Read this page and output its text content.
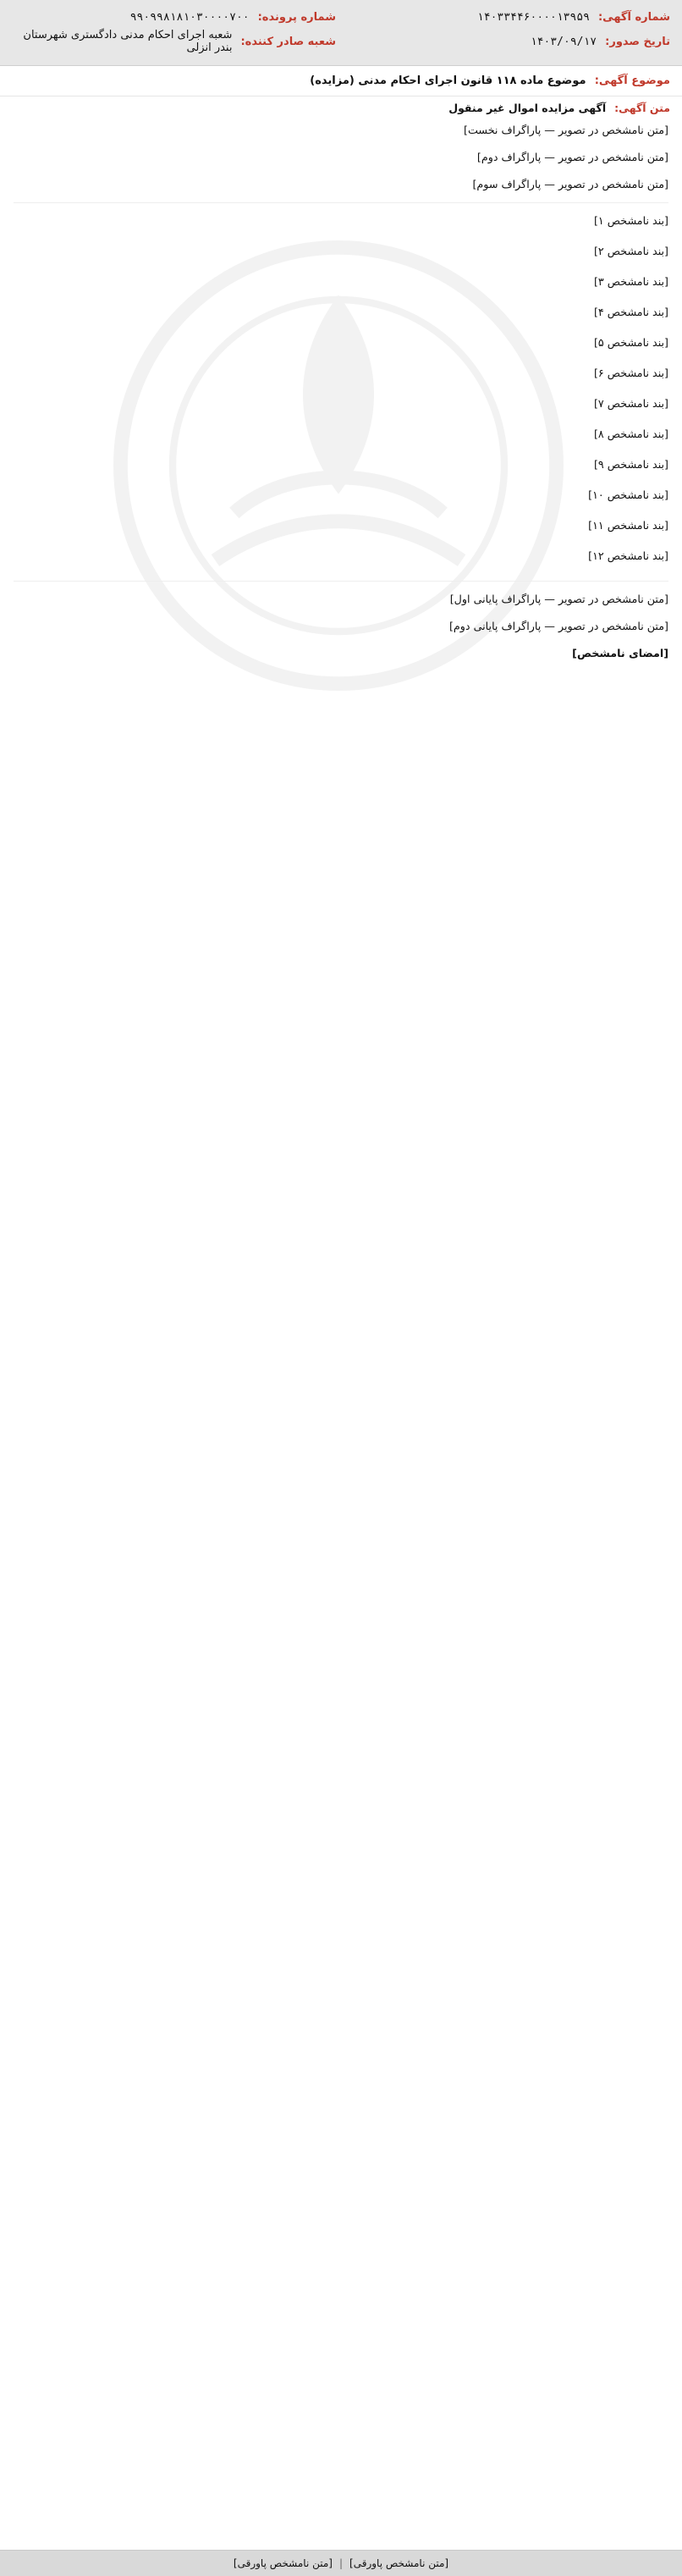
شماره آگهی:
۱۴۰۳۳۴۴۶۰۰۰۰۱۳۹۵۹
شماره پرونده:
۹۹۰۹۹۸۱۸۱۰۳۰۰۰۰۷۰۰
تاریخ صدور:
۱۴۰۳/۰۹/۱۷
شعبه صادر کننده:
شعبه اجرای احکام مدنی دادگستری شهرستان بندر انزلی
موضوع آگهی: موضوع ماده ۱۱۸ قانون اجرای احکام مدنی (مزایده)
متن آگهی: آگهی مزایده اموال غیر منقول

[متن نامشخص در تصویر — پاراگراف نخست]

[متن نامشخص در تصویر — پاراگراف دوم]

[متن نامشخص در تصویر — پاراگراف سوم]

[بند نامشخص ۱]
[بند نامشخص ۲]
[بند نامشخص ۳]
[بند نامشخص ۴]
[بند نامشخص ۵]
[بند نامشخص ۶]
[بند نامشخص ۷]
[بند نامشخص ۸]
[بند نامشخص ۹]
[بند نامشخص ۱۰]
[بند نامشخص ۱۱]
[بند نامشخص ۱۲]

[متن نامشخص در تصویر — پاراگراف پایانی اول]

[متن نامشخص در تصویر — پاراگراف پایانی دوم]

[امضای نامشخص]

[متن نامشخص پاورقی]
|
[متن نامشخص پاورقی]
